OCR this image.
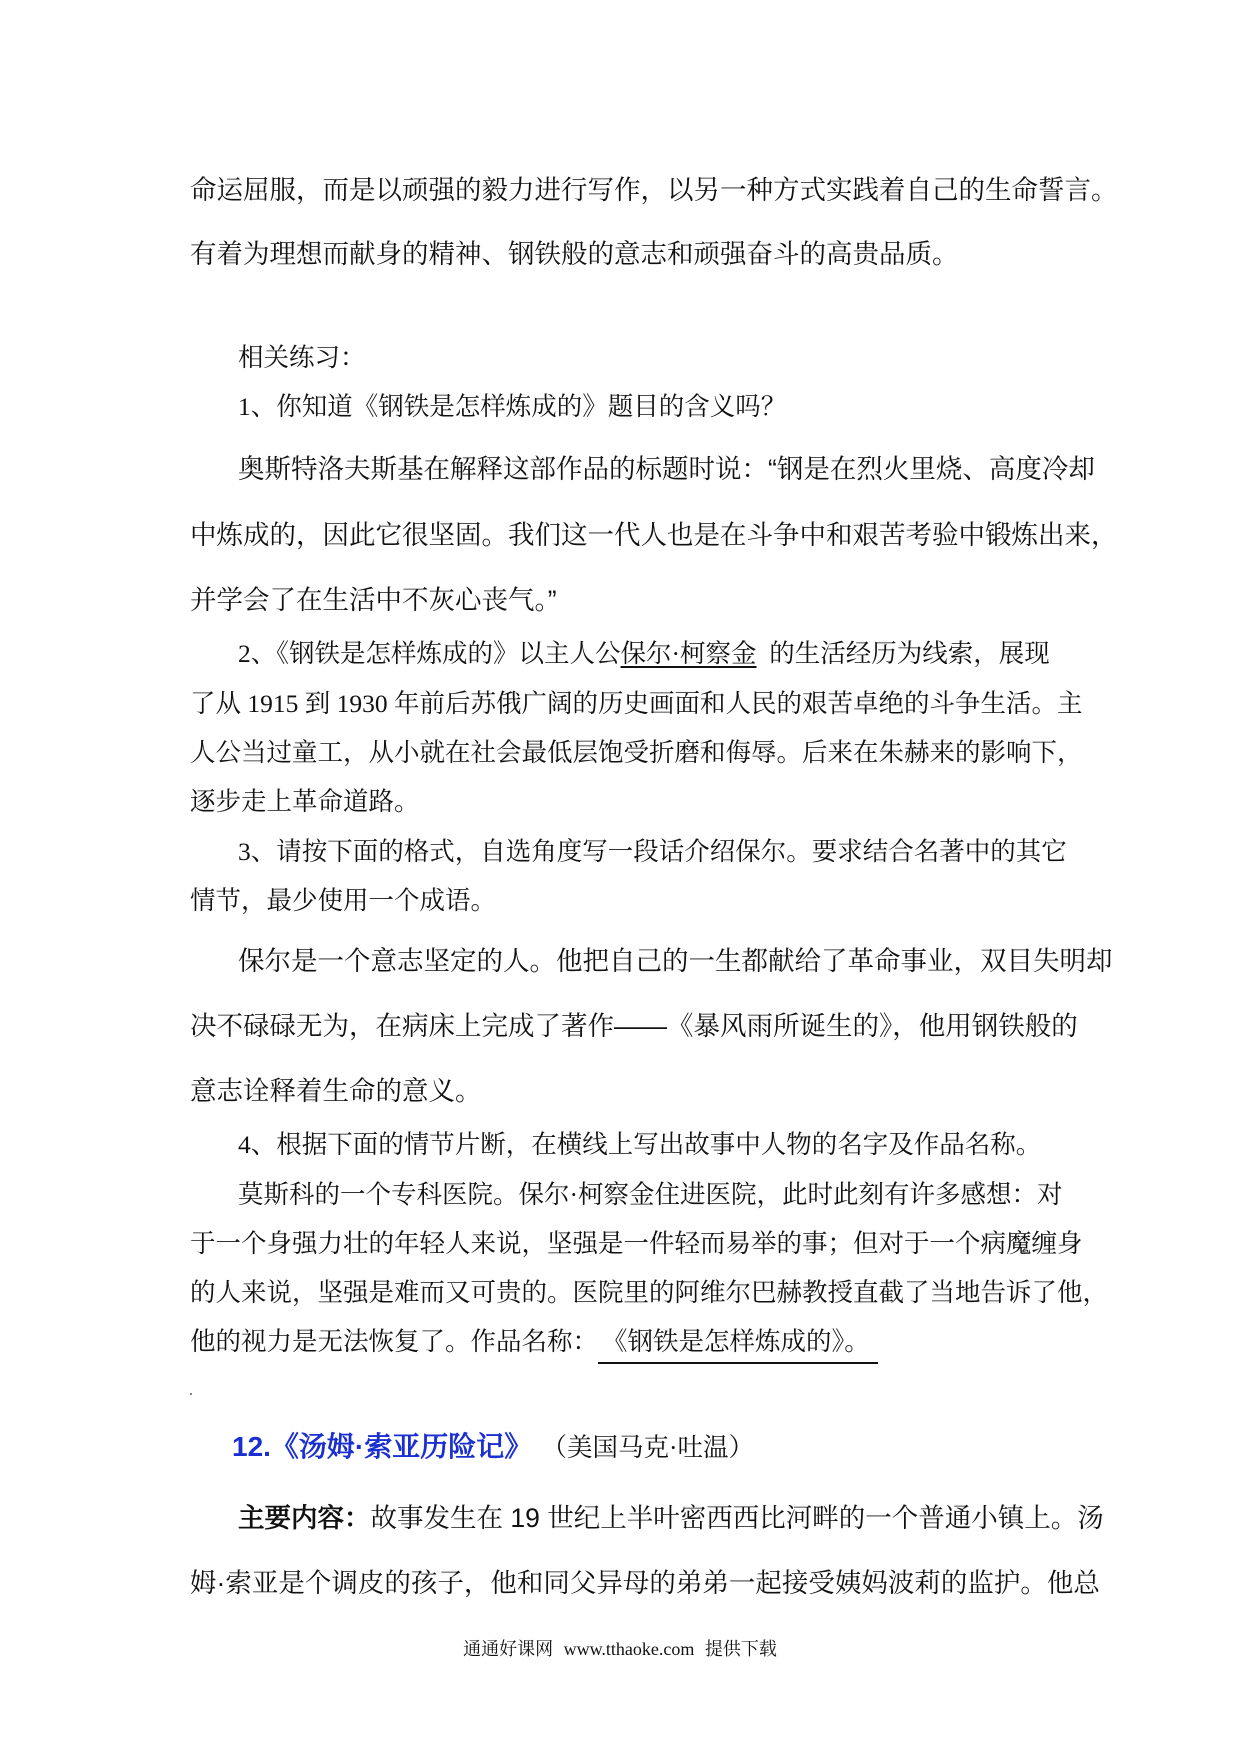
命运屈服，而是以顽强的毅力进行写作，以另一种方式实践着自己的生命誓言。

有着为理想而献身的精神、钢铁般的意志和顽强奋斗的高贵品质。

相关练习：

1、你知道《钢铁是怎样炼成的》题目的含义吗？

奥斯特洛夫斯基在解释这部作品的标题时说：“钢是在烈火里烧、高度冷却

中炼成的，因此它很坚固。我们这一代人也是在斗争中和艰苦考验中锻炼出来，

并学会了在生活中不灰心丧气。”

2、《钢铁是怎样炼成的》以主人公保尔·柯察金  的生活经历为线索，展现

了从 1915 到 1930 年前后苏俄广阔的历史画面和人民的艰苦卓绝的斗争生活。主

人公当过童工，从小就在社会最低层饱受折磨和侮辱。后来在朱赫来的影响下，

逐步走上革命道路。

3、请按下面的格式，自选角度写一段话介绍保尔。要求结合名著中的其它

情节，最少使用一个成语。

保尔是一个意志坚定的人。他把自己的一生都献给了革命事业，双目失明却

决不碌碌无为，在病床上完成了著作——《暴风雨所诞生的》，他用钢铁般的

意志诠释着生命的意义。

4、根据下面的情节片断，在横线上写出故事中人物的名字及作品名称。

莫斯科的一个专科医院。保尔·柯察金住进医院，此时此刻有许多感想：对

于一个身强力壮的年轻人来说，坚强是一件轻而易举的事；但对于一个病魔缠身

的人来说，坚强是难而又可贵的。医院里的阿维尔巴赫教授直截了当地告诉了他，

他的视力是无法恢复了。作品名称： 《钢铁是怎样炼成的》。

12.《汤姆·索亚历险记》 （美国马克·吐温）

主要内容：故事发生在 19 世纪上半叶密西西比河畔的一个普通小镇上。汤

姆·索亚是个调皮的孩子，他和同父异母的弟弟一起接受姨妈波莉的监护。他总

通通好课网 www.tthaoke.com 提供下载
